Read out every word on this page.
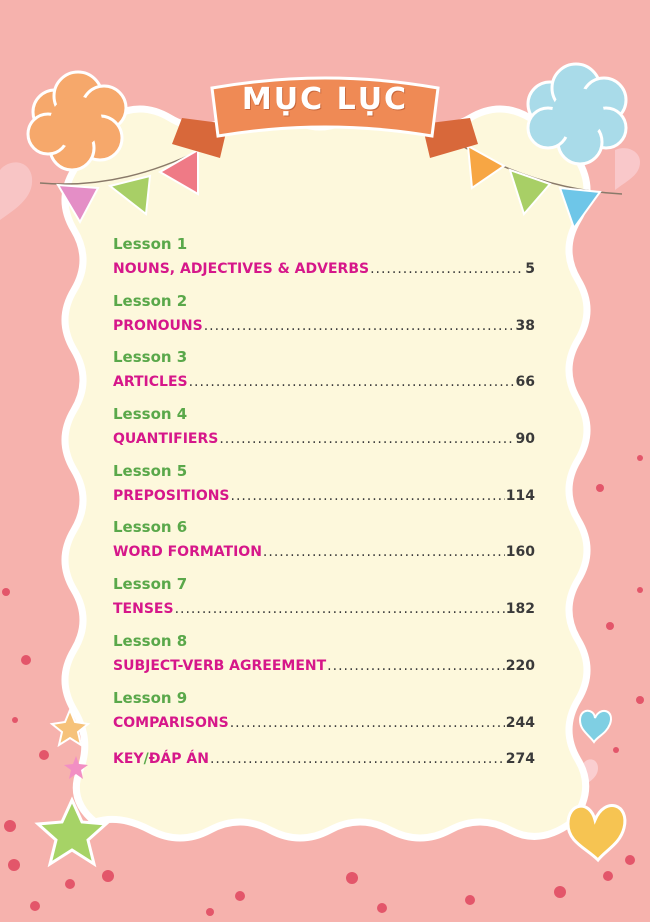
MỤC LỤC
Lesson 1
NOUNS, ADJECTIVES & ADVERBS .....	5
Lesson 2
PRONOUNS .....	38
Lesson 3
ARTICLES .....	66
Lesson 4
QUANTIFIERS .....	90
Lesson 5
PREPOSITIONS .....	114
Lesson 6
WORD FORMATION .....	160
Lesson 7
TENSES .....	182
Lesson 8
SUBJECT-VERB AGREEMENT .....	220
Lesson 9
COMPARISONS .....	244
KEY/ĐÁP ÁN .....	274
